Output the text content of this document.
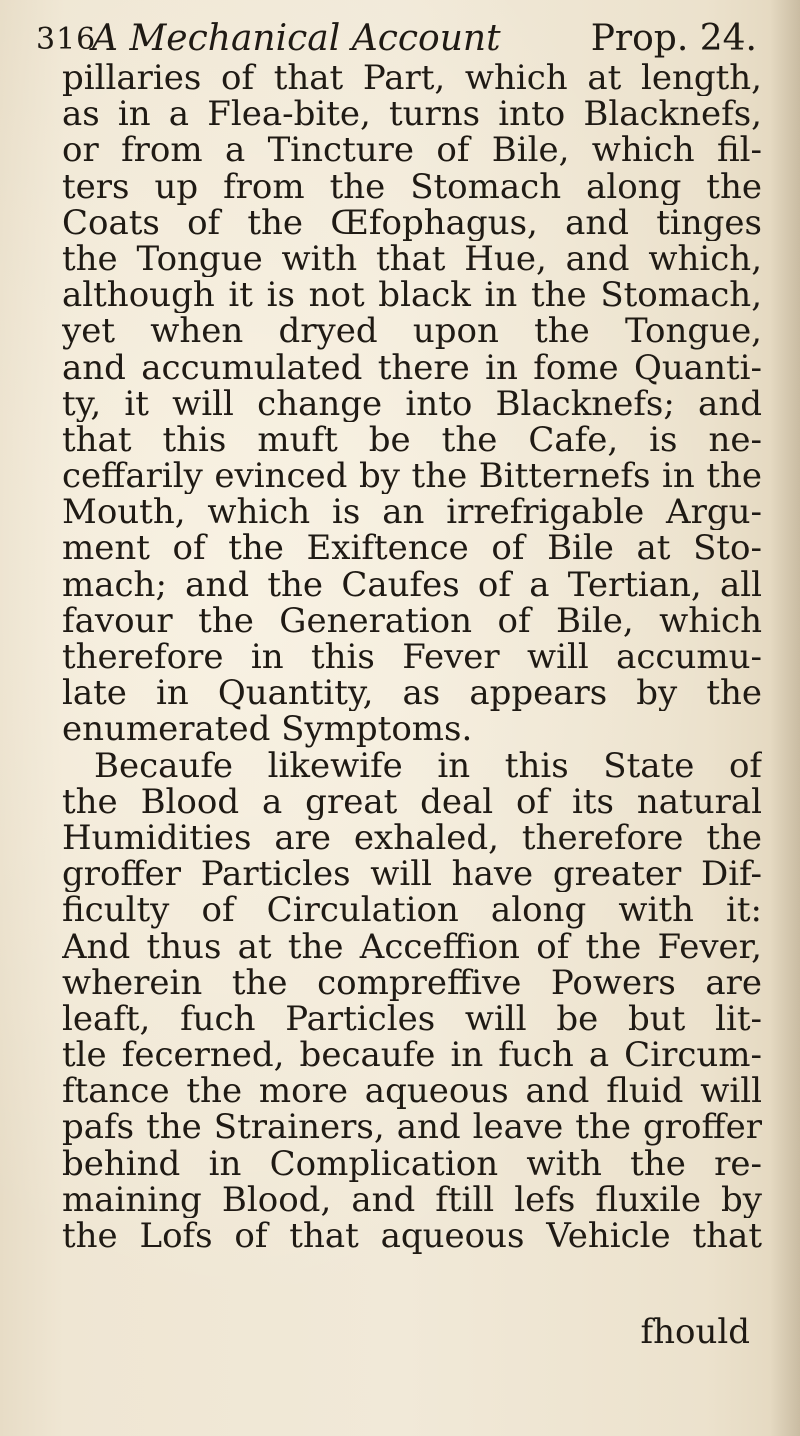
316
A Mechanical Account	Prop. 24.
pillaries of that Part, which at length,
as in a Flea-bite, turns into Blacknefs,
or from a Tincture of Bile, which fil-
ters up from the Stomach along the
Coats of the Œfophagus, and tinges
the Tongue with that Hue, and which,
although it is not black in the Stomach,
yet when dryed upon the Tongue,
and accumulated there in fome Quanti-
ty, it will change into Blacknefs; and
that this muft be the Cafe, is ne-
ceffarily evinced by the Bitternefs in the
Mouth, which is an irrefrigable Argu-
ment of the Exiftence of Bile at Sto-
mach; and the Caufes of a Tertian, all
favour the Generation of Bile, which
therefore in this Fever will accumu-
late in Quantity, as appears by the
enumerated Symptoms.
Becaufe likewife in this State of
the Blood a great deal of its natural
Humidities are exhaled, therefore the
groffer Particles will have greater Dif-
ficulty of Circulation along with it:
And thus at the Acceffion of the Fever,
wherein the compreffive Powers are
leaft, fuch Particles will be but lit-
tle fecerned, becaufe in fuch a Circum-
ftance the more aqueous and fluid will
pafs the Strainers, and leave the groffer
behind in Complication with the re-
maining Blood, and ftill lefs fluxile by
the Lofs of that aqueous Vehicle that
fhould
